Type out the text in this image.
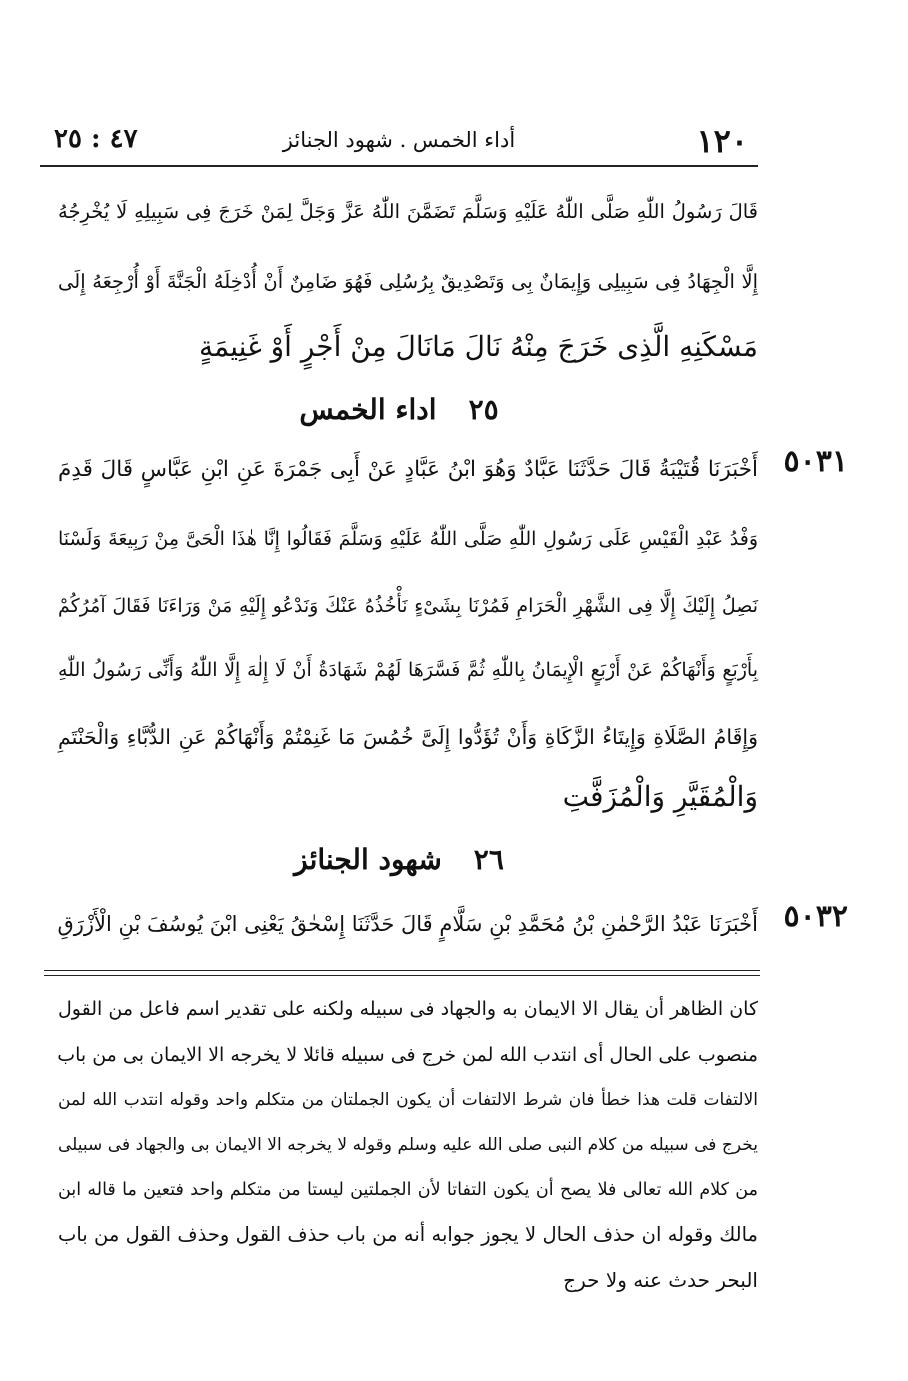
١٢٠
أداء الخمس . شهود الجنائز
٤٧ : ٢٥
قَالَ رَسُولُ اللّٰهِ صَلَّى اللّٰهُ عَلَيْهِ وَسَلَّمَ تَضَمَّنَ اللّٰهُ عَزَّ وَجَلَّ لِمَنْ خَرَجَ فِى سَبِيلِهِ لَا يُخْرِجُهُ
إِلَّا الْجِهَادُ فِى سَبِيلِى وَإِيمَانٌ بِى وَتَصْدِيقٌ بِرُسُلِى فَهُوَ ضَامِنٌ أَنْ أُدْخِلَهُ الْجَنَّةَ أَوْ أُرْجِعَهُ إِلَى
مَسْكَنِهِ الَّذِى خَرَجَ مِنْهُ نَالَ مَانَالَ مِنْ أَجْرٍ أَوْ غَنِيمَةٍ
٢٥اداء الخمس
٥٠٣١
أَخْبَرَنَا قُتَيْبَةُ قَالَ حَدَّثَنَا عَبَّادٌ وَهُوَ ابْنُ عَبَّادٍ عَنْ أَبِى جَمْرَةَ عَنِ ابْنِ عَبَّاسٍ قَالَ قَدِمَ
وَفْدُ عَبْدِ الْقَيْسِ عَلَى رَسُولِ اللّٰهِ صَلَّى اللّٰهُ عَلَيْهِ وَسَلَّمَ فَقَالُوا إِنَّا هٰذَا الْحَىَّ مِنْ رَبِيعَةَ وَلَسْنَا
نَصِلُ إِلَيْكَ إِلَّا فِى الشَّهْرِ الْحَرَامِ فَمُرْنَا بِشَىْءٍ نَأْخُذُهُ عَنْكَ وَنَدْعُو إِلَيْهِ مَنْ وَرَاءَنَا فَقَالَ آمُرُكُمْ
بِأَرْبَعٍ وَأَنْهَاكُمْ عَنْ أَرْبَعٍ الْإِيمَانُ بِاللّٰهِ ثُمَّ فَسَّرَهَا لَهُمْ شَهَادَةُ أَنْ لَا إِلٰهَ إِلَّا اللّٰهُ وَأَنِّى رَسُولُ اللّٰهِ
وَإِقَامُ الصَّلَاةِ وَإِيتَاءُ الزَّكَاةِ وَأَنْ تُؤَدُّوا إِلَىَّ خُمُسَ مَا غَنِمْتُمْ وَأَنْهَاكُمْ عَنِ الدُّبَّاءِ وَالْحَنْتَمِ
وَالْمُقَيَّرِ وَالْمُزَفَّتِ
٢٦شهود الجنائز
٥٠٣٢
أَخْبَرَنَا عَبْدُ الرَّحْمٰنِ بْنُ مُحَمَّدِ بْنِ سَلَّامٍ قَالَ حَدَّثَنَا إِسْحٰقُ يَعْنِى ابْنَ يُوسُفَ بْنِ الْأَزْرَقِ
كان الظاهر أن يقال الا الايمان به والجهاد فى سبيله ولكنه على تقدير اسم فاعل من القول
منصوب على الحال أى انتدب الله لمن خرج فى سبيله قائلا لا يخرجه الا الايمان بى من باب
الالتفات قلت هذا خطأ فان شرط الالتفات أن يكون الجملتان من متكلم واحد وقوله انتدب الله لمن
يخرج فى سبيله من كلام النبى صلى الله عليه وسلم وقوله لا يخرجه الا الايمان بى والجهاد فى سبيلى
من كلام الله تعالى فلا يصح أن يكون التفاتا لأن الجملتين ليستا من متكلم واحد فتعين ما قاله ابن
مالك وقوله ان حذف الحال لا يجوز جوابه أنه من باب حذف القول وحذف القول من باب
البحر حدث عنه ولا حرج
